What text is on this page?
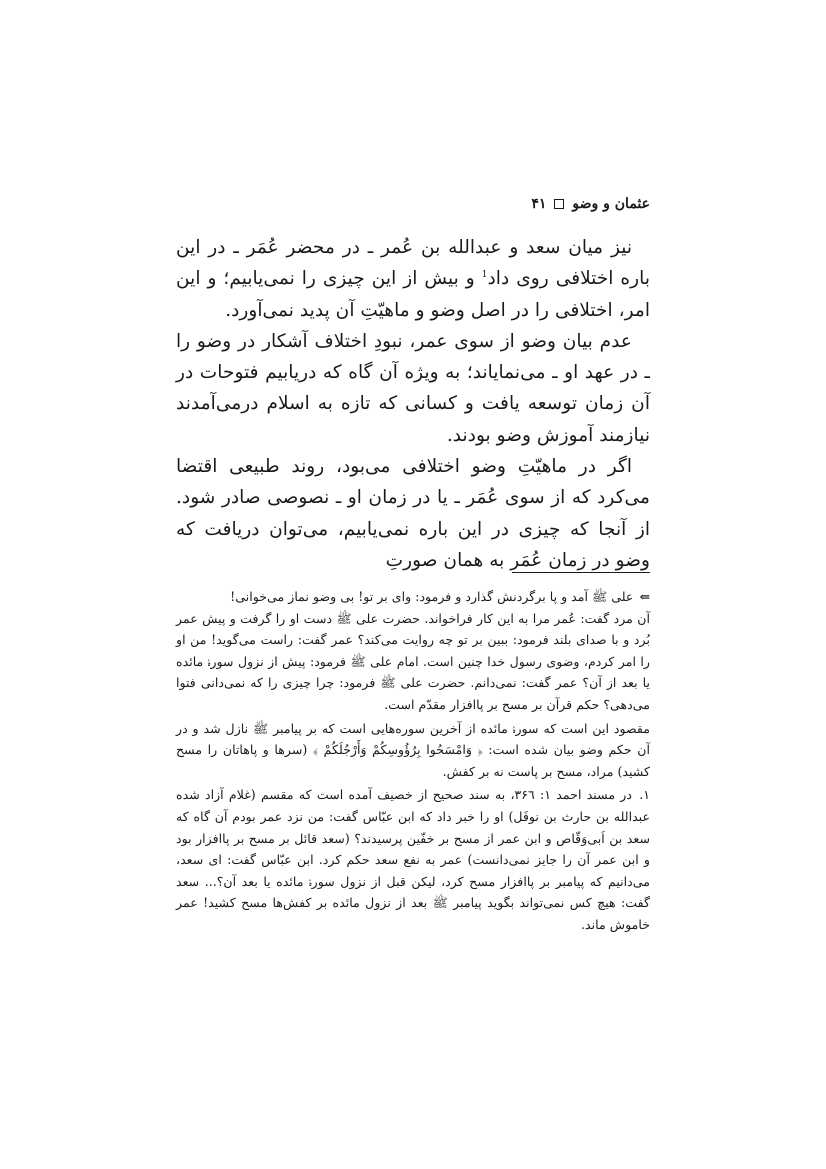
عثمان و وضو
۴۱

نیز میان سعد و عبدالله بن عُمر ـ در محضر عُمَر ـ در این باره اختلافی روی داد$^1$ و بیش از این چیزی را نمی‌یابیم؛ و این امر، اختلافی را در اصل وضو و ماهیّتِ آن پدید نمی‌آورد.

عدم بیان وضو از سوی عمر، نبودِ اختلاف آشکار در وضو را ـ در عهد او ـ می‌نمایاند؛ به ویژه آن گاه که دریابیم فتوحات در آن زمان توسعه یافت و کسانی که تازه به اسلام درمی‌آمدند نیازمند آموزش وضو بودند.

اگر در ماهیّتِ وضو اختلافی می‌بود، روند طبیعی اقتضا می‌کرد که از سوی عُمَر ـ یا در زمان او ـ نصوصی صادر شود. از آنجا که چیزی در این باره نمی‌یابیم، می‌توان دریافت که وضو در زمان عُمَر به همان صورتِ

⇐علی ﷺ آمد و پا برگردنش گذارد و فرمود: وای بر تو! بی وضو نماز می‌خوانی!

آن مرد گفت: عُمر مرا به این کار فراخواند. حضرت علی ﷺ دست او را گرفت و پیش عمر بُرد و با صدای بلند فرمود: ببین بر تو چه روایت می‌کند؟ عمر گفت: راست می‌گوید! من او را امر کردم، وضوی رسول خدا چنین است. امام علی ﷺ فرمود: پیش از نزول سورۂ مائده یا بعد از آن؟ عمر گفت: نمی‌دانم. حضرت علی ﷺ فرمود: چرا چیزی را که نمی‌دانی فتوا می‌دهی؟ حکم قرآن بر مسح بر پاافزار مقدّم است.

مقصود این است که سورۂ مائده از آخرین سوره‌هایی است که بر پیامبر ﷺ نازل شد و در آن حکم وضو بیان شده است: ﴿ وَامْسَحُوا بِرُؤُوسِكُمْ وَأَرْجُلَكُمْ ﴾ (سرها و پاهاتان را مسح کشید) مراد، مسح بر پاست نه بر کفش.

۱.در مسند احمد ۱: ۳۶٦، به سند صحیح از خصیف آمده است که مقسم (غلام آزاد شده عبدالله بن حارث بن نوفَل) او را خبر داد که ابن عبّاس گفت: من نزد عمر بودم آن گاه که سعد بن اَبی‌وَقّاص و ابن عمر از مسح بر خفّین پرسیدند؟ (سعد قائل بر مسح بر پاافزار بود و ابن عمر آن را جایز نمی‌دانست) عمر به نفع سعد حکم کرد. ابن عبّاس گفت: ای سعد، می‌دانیم که پیامبر بر پاافزار مسح کرد، لیکن قبل از نزول سورۂ مائده یا بعد آن؟... سعد گفت: هیچ کس نمی‌تواند بگوید پیامبر ﷺ بعد از نزول مائده بر کفش‌ها مسح کشید! عمر خاموش ماند.
